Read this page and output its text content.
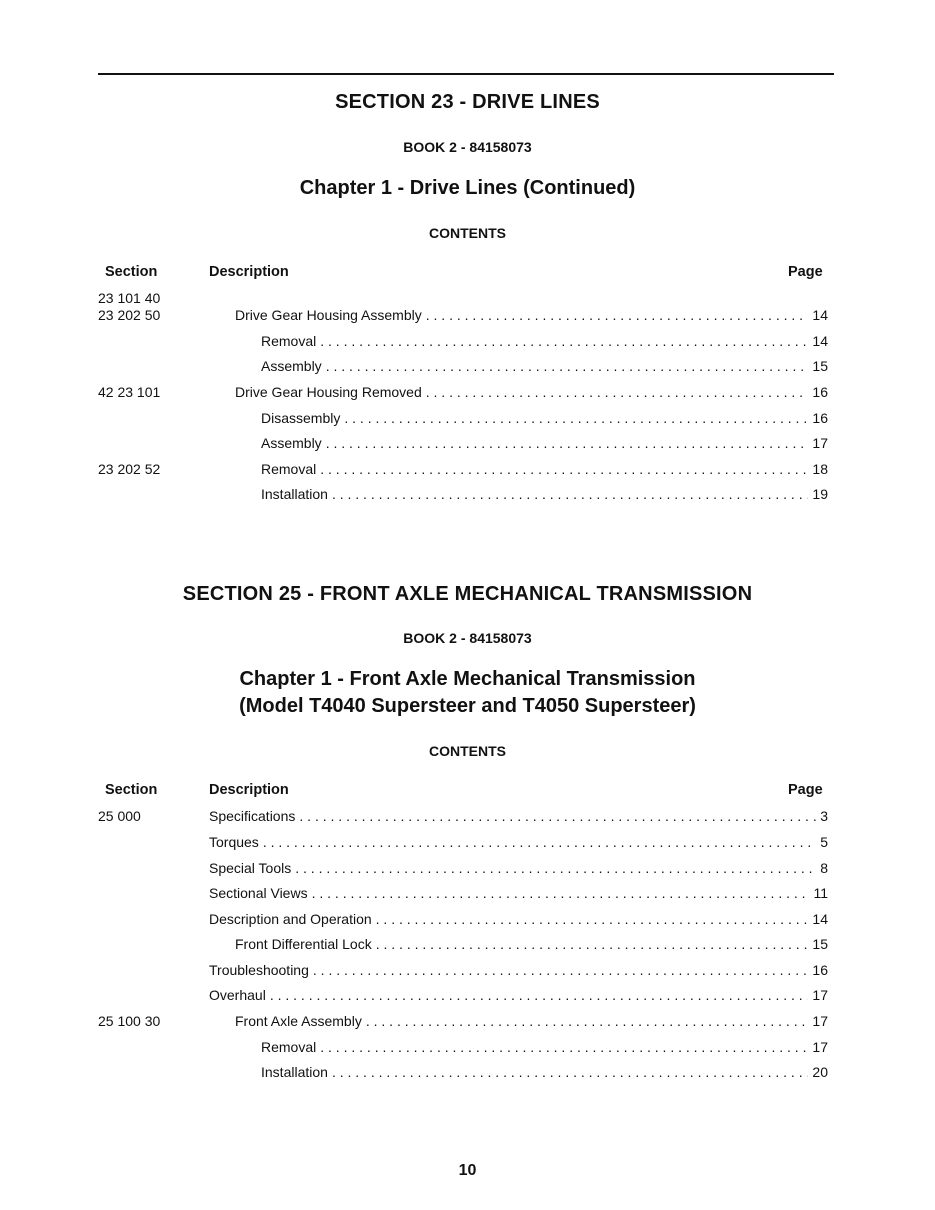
SECTION 23 - DRIVE LINES
BOOK 2 - 84158073
Chapter 1 - Drive Lines (Continued)
CONTENTS
Section	Description	Page
23 101 40
23 202 50	Drive Gear Housing Assembly . . .	14
Removal . . .	14
Assembly . . .	15
42 23 101	Drive Gear Housing Removed . . .	16
Disassembly . . .	16
Assembly . . .	17
23 202 52	Removal . . .	18
Installation . . .	19
SECTION 25 - FRONT AXLE MECHANICAL TRANSMISSION
BOOK 2 - 84158073
Chapter 1 - Front Axle Mechanical Transmission
(Model T4040 Supersteer and T4050 Supersteer)
CONTENTS
Section	Description	Page
25 000	Specifications . . .	3
Torques . . .	5
Special Tools . . .	8
Sectional Views . . .	11
Description and Operation . . .	14
Front Differential Lock . . .	15
Troubleshooting . . .	16
Overhaul . . .	17
25 100 30	Front Axle Assembly . . .	17
Removal . . .	17
Installation . . .	20
10
